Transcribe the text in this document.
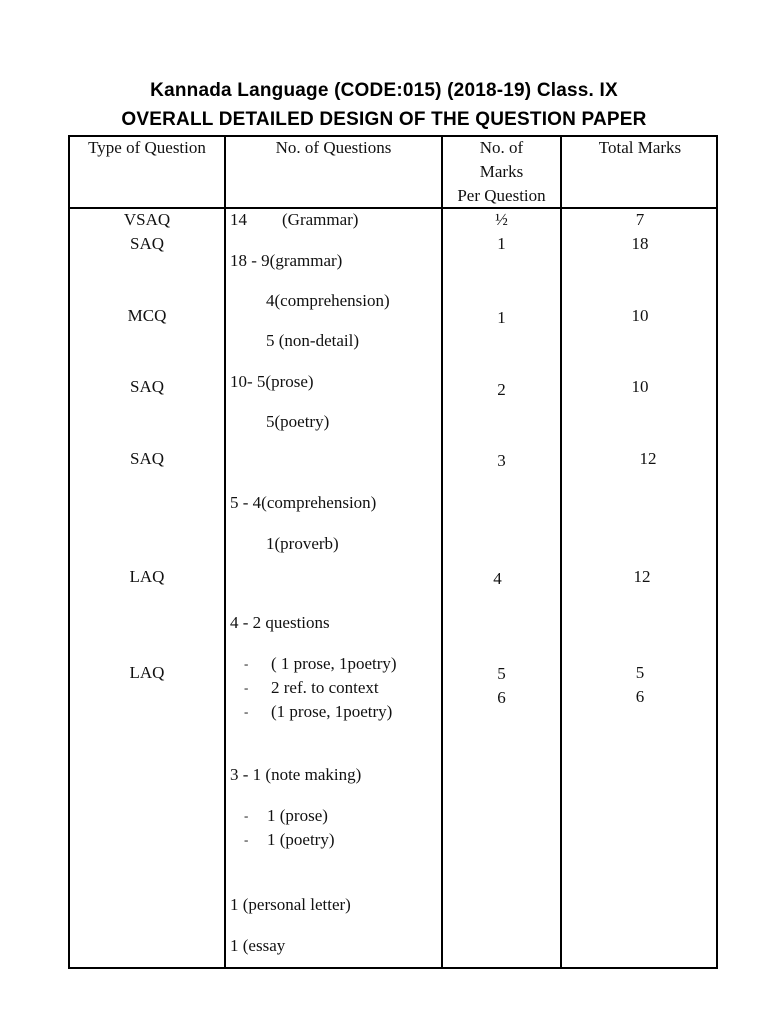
Kannada Language (CODE:015) (2018-19) Class. IX
OVERALL DETAILED DESIGN OF THE QUESTION PAPER
Type of Question	No. of Questions	No. of
Marks
Per Question
Total Marks
VSAQ
SAQ
MCQ
SAQ
SAQ
LAQ
LAQ
14 (Grammar)
18 - 9(grammar)
4(comprehension)
5 (non-detail)
10- 5(prose)
5(poetry)
5 - 4(comprehension)
1(proverb)
4 - 2 questions
- ( 1 prose, 1poetry)
- 2 ref. to context
- (1 prose, 1poetry)
3 - 1 (note making)
- 1 (prose)
- 1 (poetry)
1 (personal letter)
1 (essay
½
1
1
2
3
4
5
6
7
18
10
10
12
12
5
6
